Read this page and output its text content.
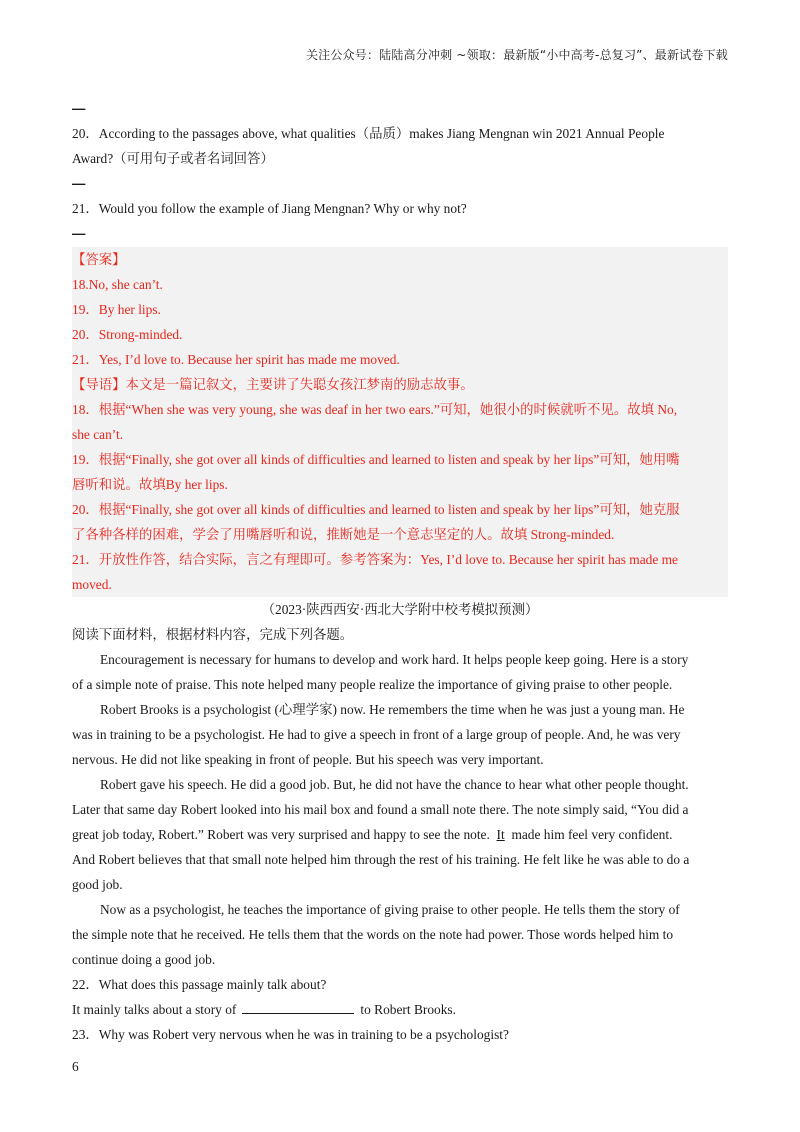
关注公众号：陆陆高分冲刺 ~领取：最新版“小中高考-总复习”、最新试卷下载
—
20．According to the passages above, what qualities（品质）makes Jiang Mengnan win 2021 Annual People
Award?（可用句子或者名词回答）
—
21．Would you follow the example of Jiang Mengnan? Why or why not?
—
【答案】
18.No, she can’t.
19．By her lips.
20．Strong-minded.
21．Yes, I’d love to. Because her spirit has made me moved.
【导语】本文是一篇记叙文，主要讲了失聪女孩江梦南的励志故事。
18．根据“When she was very young, she was deaf in her two ears.”可知，她很小的时候就听不见。故填 No,
she can’t.
19．根据“Finally, she got over all kinds of difficulties and learned to listen and speak by her lips”可知，她用嘴
唇听和说。故填By her lips.
20．根据“Finally, she got over all kinds of difficulties and learned to listen and speak by her lips”可知，她克服
了各种各样的困难，学会了用嘴唇听和说，推断她是一个意志坚定的人。故填 Strong-minded.
21．开放性作答，结合实际，言之有理即可。参考答案为：Yes, I’d love to. Because her spirit has made me
moved.
（2023·陕西西安·西北大学附中校考模拟预测）
阅读下面材料，根据材料内容，完成下列各题。
Encouragement is necessary for humans to develop and work hard. It helps people keep going. Here is a story
of a simple note of praise. This note helped many people realize the importance of giving praise to other people.
Robert Brooks is a psychologist (心理学家) now. He remembers the time when he was just a young man. He
was in training to be a psychologist. He had to give a speech in front of a large group of people. And, he was very
nervous. He did not like speaking in front of people. But his speech was very important.
Robert gave his speech. He did a good job. But, he did not have the chance to hear what other people thought.
Later that same day Robert looked into his mail box and found a small note there. The note simply said, “You did a
great job today, Robert.” Robert was very surprised and happy to see the note. It made him feel very confident.
And Robert believes that that small note helped him through the rest of his training. He felt like he was able to do a
good job.
Now as a psychologist, he teaches the importance of giving praise to other people. He tells them the story of
the simple note that he received. He tells them that the words on the note had power. Those words helped him to
continue doing a good job.
22．What does this passage mainly talk about?
It mainly talks about a story of	to Robert Brooks.
23．Why was Robert very nervous when he was in training to be a psychologist?
6
